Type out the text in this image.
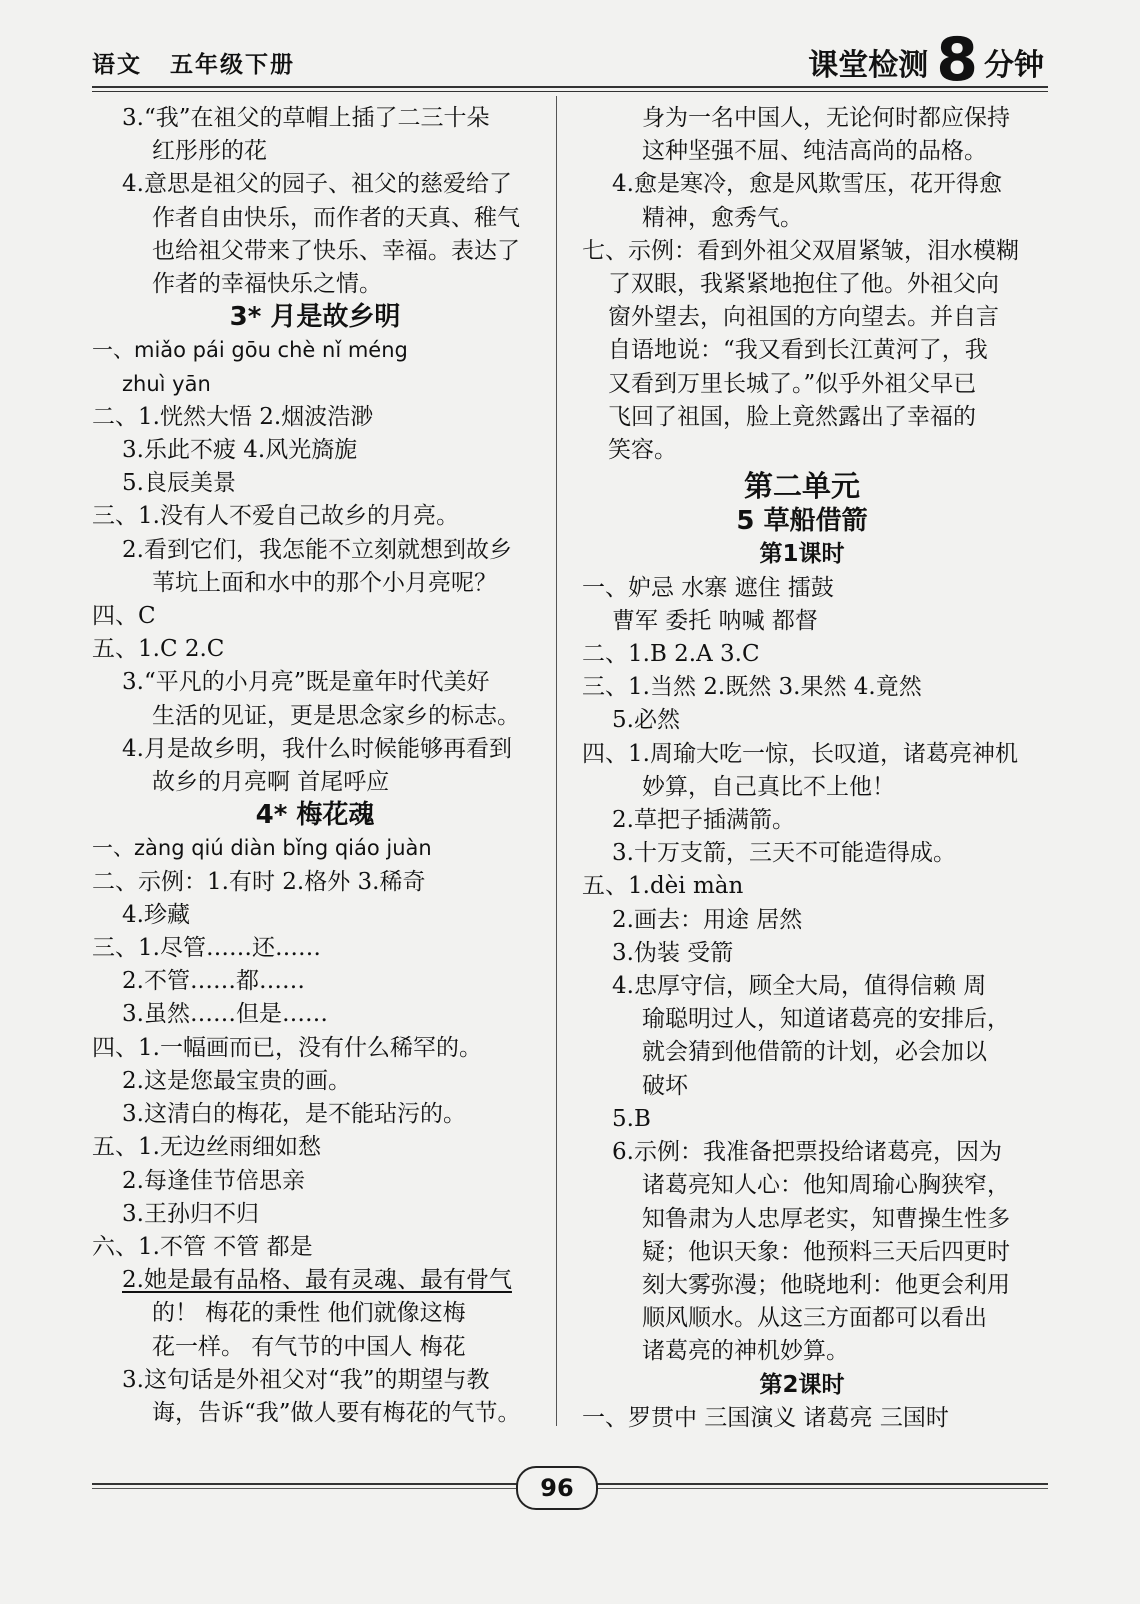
语文 五年级下册	课堂检测 8 分钟
3.“我”在祖父的草帽上插了二三十朵
红彤彤的花
4.意思是祖父的园子、祖父的慈爱给了
作者自由快乐，而作者的天真、稚气
也给祖父带来了快乐、幸福。表达了
作者的幸福快乐之情。
3* 月是故乡明
一、miǎo pái gōu chè nǐ méng
zhuì yān
二、1.恍然大悟 2.烟波浩渺
3.乐此不疲 4.风光旖旎
5.良辰美景
三、1.没有人不爱自己故乡的月亮。
2.看到它们，我怎能不立刻就想到故乡
苇坑上面和水中的那个小月亮呢？
四、C
五、1.C 2.C
3.“平凡的小月亮”既是童年时代美好
生活的见证，更是思念家乡的标志。
4.月是故乡明，我什么时候能够再看到
故乡的月亮啊 首尾呼应
4* 梅花魂
一、zàng qiú diàn bǐng qiáo juàn
二、示例：1.有时 2.格外 3.稀奇
4.珍藏
三、1.尽管……还……
2.不管……都……
3.虽然……但是……
四、1.一幅画而已，没有什么稀罕的。
2.这是您最宝贵的画。
3.这清白的梅花，是不能玷污的。
五、1.无边丝雨细如愁
2.每逢佳节倍思亲
3.王孙归不归
六、1.不管 不管 都是
2.她是最有品格、最有灵魂、最有骨气
的！ 梅花的秉性 他们就像这梅
花一样。 有气节的中国人 梅花
3.这句话是外祖父对“我”的期望与教
诲，告诉“我”做人要有梅花的气节。
身为一名中国人，无论何时都应保持
这种坚强不屈、纯洁高尚的品格。
4.愈是寒冷，愈是风欺雪压，花开得愈
精神，愈秀气。
七、示例：看到外祖父双眉紧皱，泪水模糊
了双眼，我紧紧地抱住了他。外祖父向
窗外望去，向祖国的方向望去。并自言
自语地说：“我又看到长江黄河了，我
又看到万里长城了。”似乎外祖父早已
飞回了祖国，脸上竟然露出了幸福的
笑容。
第二单元
5 草船借箭
第1课时
一、妒忌 水寨 遮住 擂鼓
曹军 委托 呐喊 都督
二、1.B 2.A 3.C
三、1.当然 2.既然 3.果然 4.竟然
5.必然
四、1.周瑜大吃一惊，长叹道，诸葛亮神机
妙算，自己真比不上他！
2.草把子插满箭。
3.十万支箭，三天不可能造得成。
五、1.dèi màn
2.画去：用途 居然
3.伪装 受箭
4.忠厚守信，顾全大局，值得信赖 周
瑜聪明过人，知道诸葛亮的安排后，
就会猜到他借箭的计划，必会加以
破坏
5.B
6.示例：我准备把票投给诸葛亮，因为
诸葛亮知人心：他知周瑜心胸狭窄，
知鲁肃为人忠厚老实，知曹操生性多
疑；他识天象：他预料三天后四更时
刻大雾弥漫；他晓地利：他更会利用
顺风顺水。从这三方面都可以看出
诸葛亮的神机妙算。
第2课时
一、罗贯中 三国演义 诸葛亮 三国时
96
